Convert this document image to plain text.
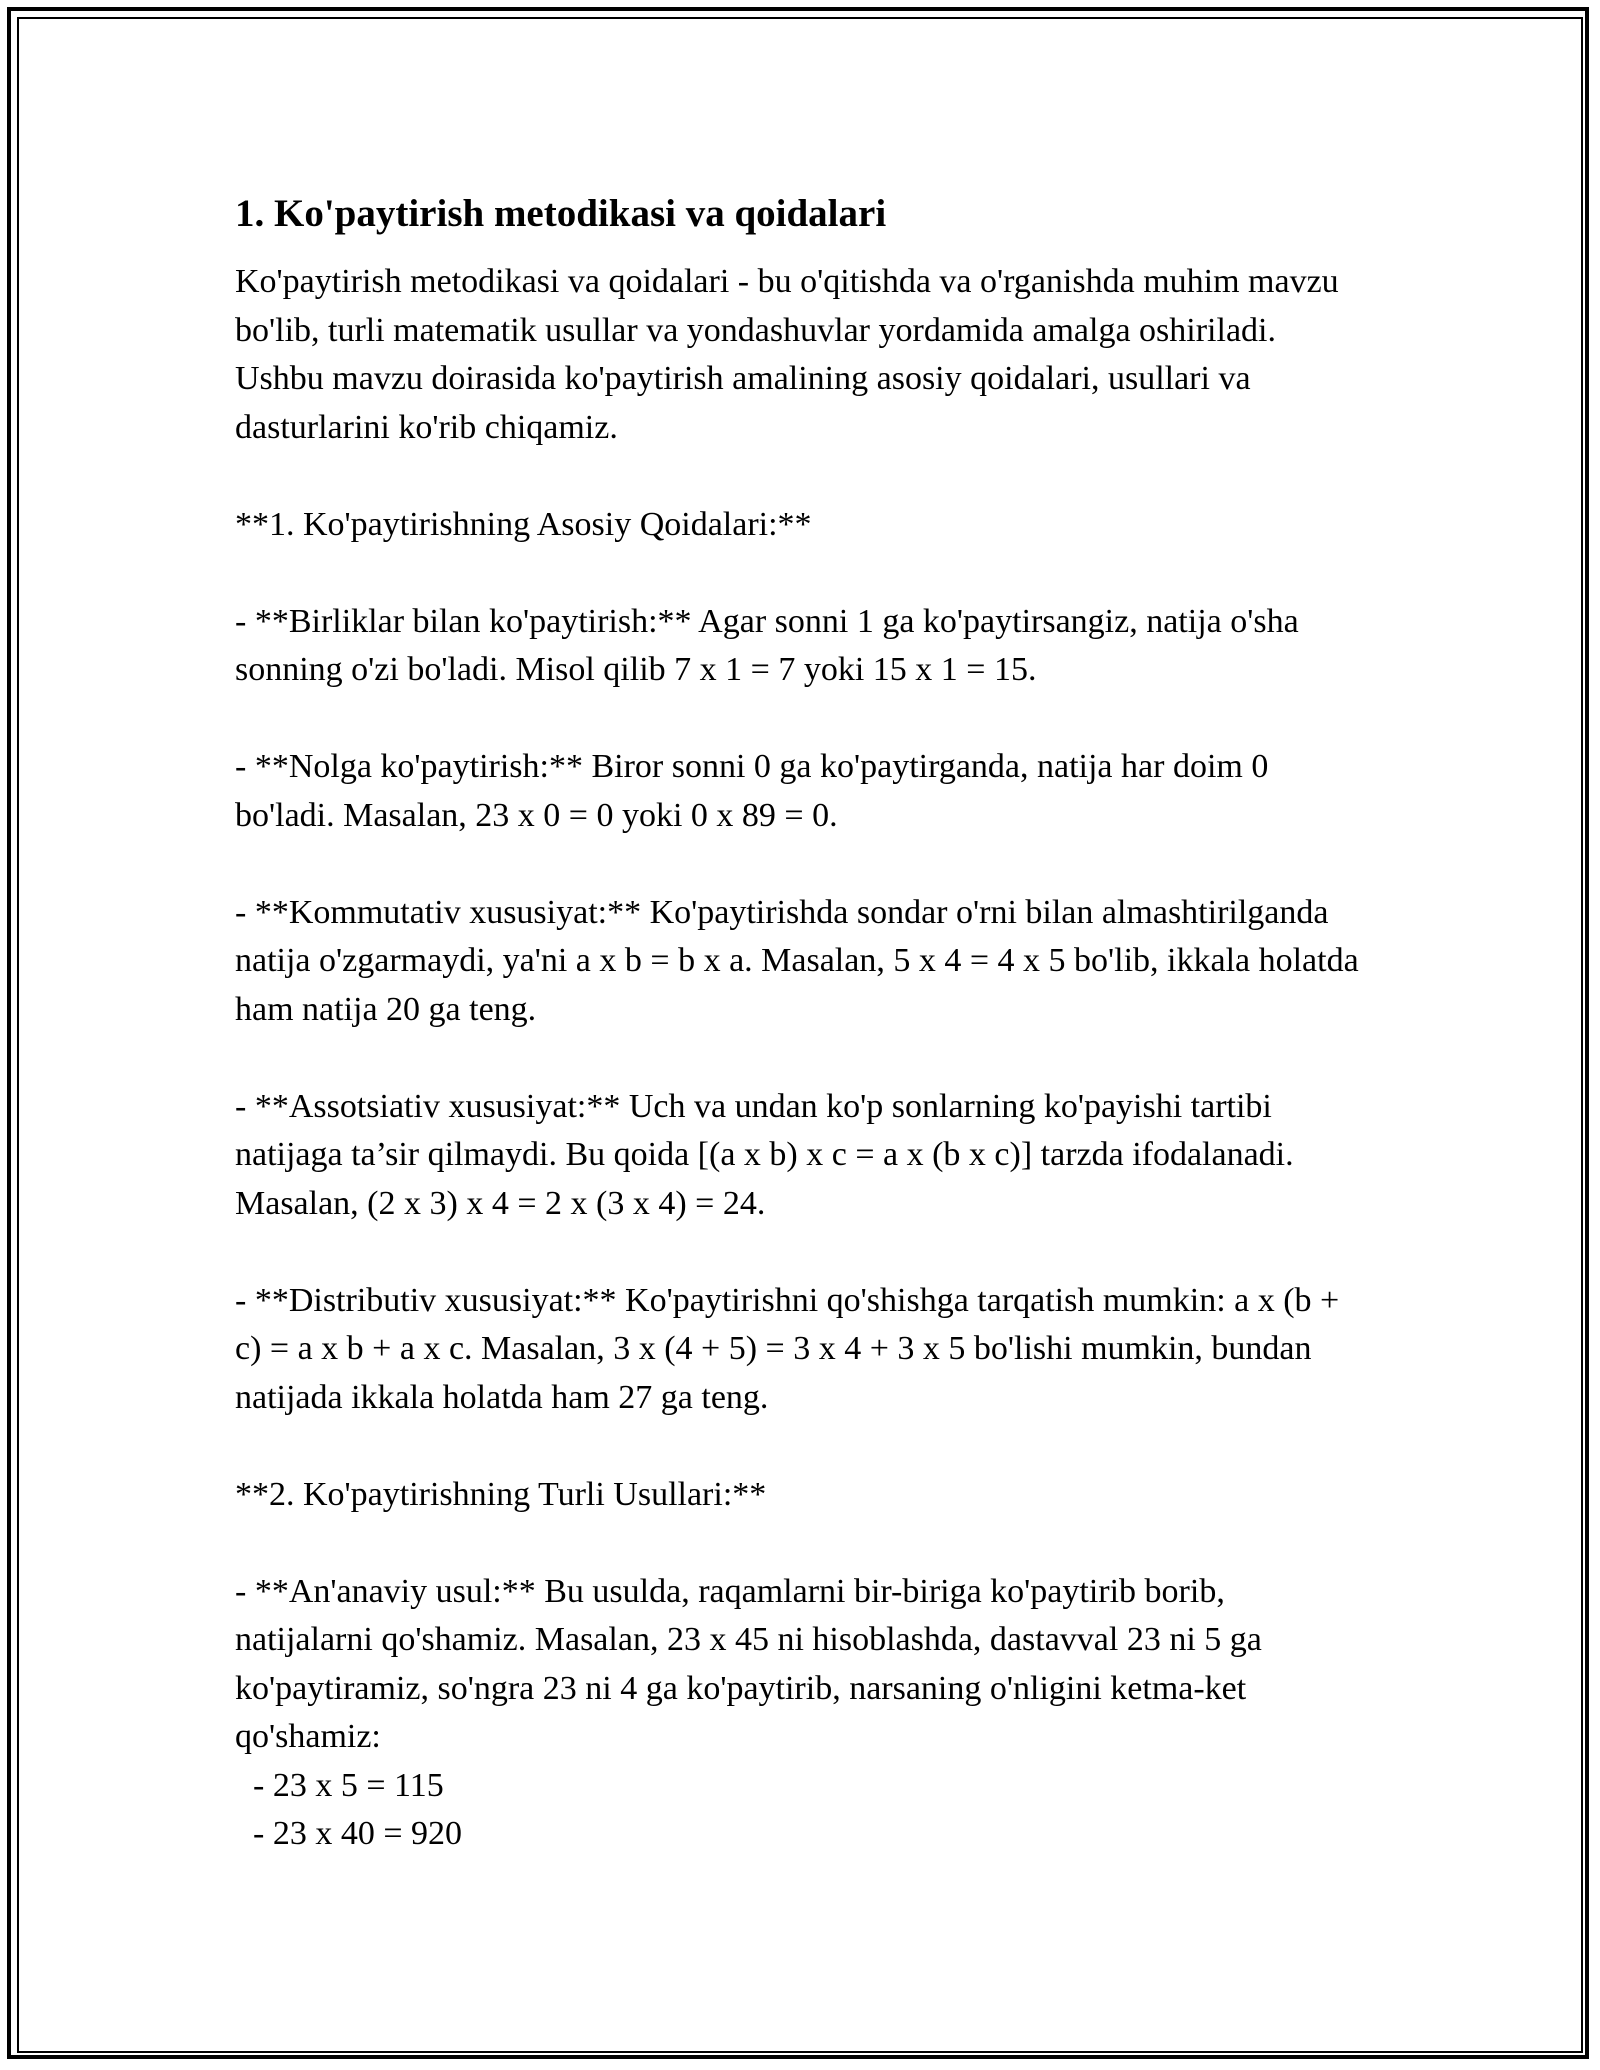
1. Ko'paytirish metodikasi va qoidalari

Ko'paytirish metodikasi va qoidalari - bu o'qitishda va o'rganishda muhim mavzu bo'lib, turli matematik usullar va yondashuvlar yordamida amalga oshiriladi. Ushbu mavzu doirasida ko'paytirish amalining asosiy qoidalari, usullari va dasturlarini ko'rib chiqamiz.

**1. Ko'paytirishning Asosiy Qoidalari:**

- **Birliklar bilan ko'paytirish:** Agar sonni 1 ga ko'paytirsangiz, natija o'sha sonning o'zi bo'ladi. Misol qilib 7 x 1 = 7 yoki 15 x 1 = 15.

- **Nolga ko'paytirish:** Biror sonni 0 ga ko'paytirganda, natija har doim 0 bo'ladi. Masalan, 23 x 0 = 0 yoki 0 x 89 = 0.

- **Kommutativ xususiyat:** Ko'paytirishda sondar o'rni bilan almashtirilganda natija o'zgarmaydi, ya'ni a x b = b x a. Masalan, 5 x 4 = 4 x 5 bo'lib, ikkala holatda ham natija 20 ga teng.

- **Assotsiativ xususiyat:** Uch va undan ko'p sonlarning ko'payishi tartibi natijaga ta’sir qilmaydi. Bu qoida [(a x b) x c = a x (b x c)] tarzda ifodalanadi. Masalan, (2 x 3) x 4 = 2 x (3 x 4) = 24.

- **Distributiv xususiyat:** Ko'paytirishni qo'shishga tarqatish mumkin: a x (b + c) = a x b + a x c. Masalan, 3 x (4 + 5) = 3 x 4 + 3 x 5 bo'lishi mumkin, bundan natijada ikkala holatda ham 27 ga teng.

**2. Ko'paytirishning Turli Usullari:**

- **An'anaviy usul:** Bu usulda, raqamlarni bir-biriga ko'paytirib borib, natijalarni qo'shamiz. Masalan, 23 x 45 ni hisoblashda, dastavval 23 ni 5 ga ko'paytiramiz, so'ngra 23 ni 4 ga ko'paytirib, narsaning o'nligini ketma-ket qo'shamiz:

- 23 x 5 = 115

- 23 x 40 = 920
